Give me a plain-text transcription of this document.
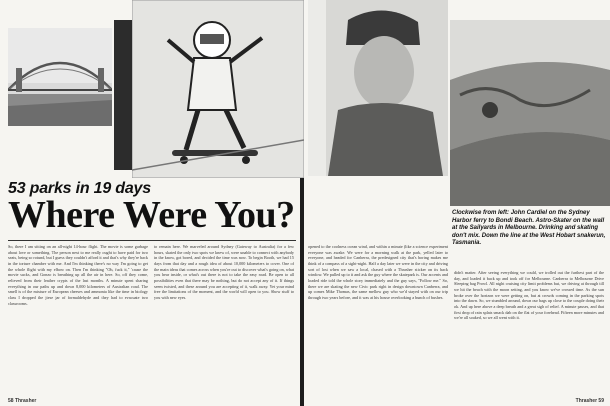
53 parks in 19 days
Where Were You?

So, there I am sitting on an all-night 14-hour flight. The movie is some garbage about love or something. The person next to me really ought to have paid for two seats, being so rotund, but I guess they couldn't afford it and that's why they're back in the torture chamber with me. And I'm thinking there's no way I'm going to get the whole flight with my elbow on. Then I'm thinking "Oh, fuck it," 'cause the movie sucks, and Gonzo is breathing up all the air in here. So, off they come, relieved from their leather crypts of the last months. A minute spent sharing everything in our paths up and down 8,000 kilometers of Australian road. The smell is of the mixture of European cheeses and ammonia like the time in biology class I dropped the jiese jar of formaldehyde and they had to evacuate two classrooms.

to remain here. We marveled around Sydney (Gateway to Australia) for a few hours, skated the only two spots we knew of, were unable to connect with anybody in the know, got bored, and decided the time was now. To begin Booth, we had 15 days from that day and a rough idea of about 10,000 kilometers to cover. One of the main ideas that comes across when you're out to discover what's going on, what you hear inside, or what's out there is not to take the easy road. Be open to all possibilities even that there may be nothing, but do not accept any of it. If things seem twisted, and these around you are accepting of it, walk away. Yet your mind free the limitations of the moment, and the world will open to you. Show stuff to you with new eyes.

58 Thrasher

opened to the coolness ocean wind, and within a minute (like a science experiment everyone was awake. We were for a morning walk at the park, yelled later to everyone, and headed for Canberra, the predesigned city that's boring makes me think of a compass of a sight-night. Half a day later we were in the city and driving sort of lost when we saw a local, chased with a Thrasher sticker on its back window. We pulled up to it and ask the guy where the skatepark is. Our accents and loaded ride told the whole story immediately and the guy says, "Follow me." So, there we are skating the new Civic park right in design downtown Canberra, and up comes Mike Thomas, the same mellow guy who we'd stayed with on our trip through two years before, and it was at his house overlooking a bunch of bushes.

didn't matter. After seeing everything we could, we trolled out the furthest part of the day, and loaded it back up and took off for Melbourne. Canberra to Melbourne Drive Sleeping bag Prowl. All night cruising city limit problems but, we driving at through till we hit the beach with the moon setting, and you know we've crossed time. As the sun broke over the horizon we were getting on, but at crowds coming in the parking spots into the dawn. So, we stumbled around, down our bags up close to the couple doing their ok. And up here above a deep breath and a great sigh of relief. A minute passes, and that first drop of rain splats smack dab on the flat of your forehead. Fifteen more minutes and we're all soaked, so we all went with it.

Thrasher 59
Clockwise from left: John Cardiel on the Sydney Harbor ferry to Bondi Beach. Astro-Skater on the wall at the Sailyards in Melbourne. Drinking and skating don't mix. Down the line at the West Hobart snakerun, Tasmania.
